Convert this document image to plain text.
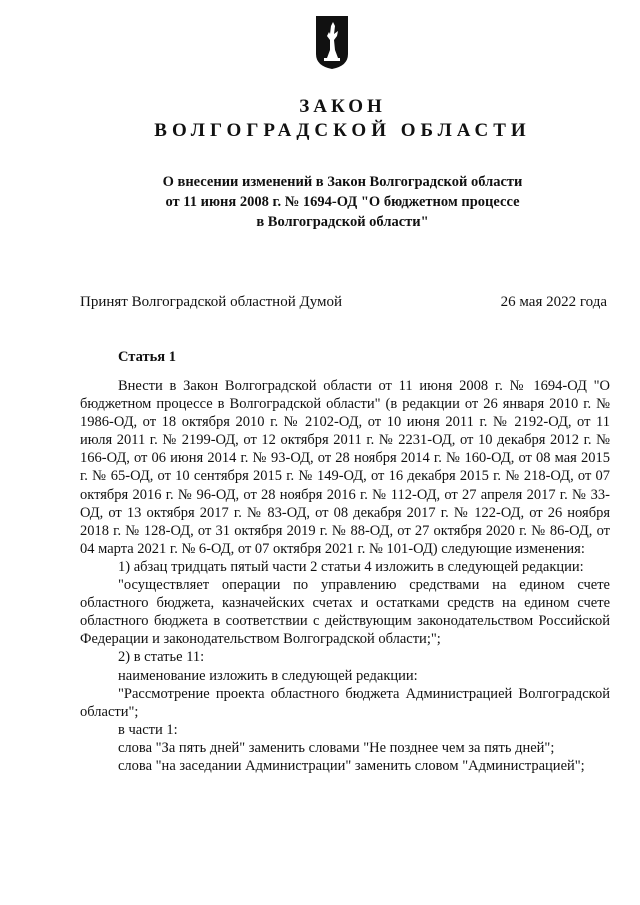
ЗАКОН
ВОЛГОГРАДСКОЙ ОБЛАСТИ
О внесении изменений в Закон Волгоградской области
от 11 июня 2008 г. № 1694-ОД "О бюджетном процессе
в Волгоградской области"
Принят Волгоградской областной Думой	26 мая 2022 года
Статья 1

Внести в Закон Волгоградской области от 11 июня 2008 г. № 1694-ОД "О бюджетном процессе в Волгоградской области" (в редакции от 26 января 2010 г. № 1986-ОД, от 18 октября 2010 г. № 2102-ОД, от 10 июня 2011 г. № 2192-ОД, от 11 июля 2011 г. № 2199-ОД, от 12 октября 2011 г. № 2231-ОД, от 10 декабря 2012 г. № 166-ОД, от 06 июня 2014 г. № 93-ОД, от 28 ноября 2014 г. № 160-ОД, от 08 мая 2015 г. № 65-ОД, от 10 сентября 2015 г. № 149-ОД, от 16 декабря 2015 г. № 218-ОД, от 07 октября 2016 г. № 96-ОД, от 28 ноября 2016 г. № 112-ОД, от 27 апреля 2017 г. № 33-ОД, от 13 октября 2017 г. № 83-ОД, от 08 декабря 2017 г. № 122-ОД, от 26 ноября 2018 г. № 128-ОД, от 31 октября 2019 г. № 88-ОД, от 27 октября 2020 г. № 86-ОД, от 04 марта 2021 г. № 6-ОД, от 07 октября 2021 г. № 101-ОД) следующие изменения:

1) абзац тридцать пятый части 2 статьи 4 изложить в следующей редакции:

"осуществляет операции по управлению средствами на едином счете областного бюджета, казначейских счетах и остатками средств на едином счете областного бюджета в соответствии с действующим законодательством Российской Федерации и законодательством Волгоградской области;";

2) в статье 11:

наименование изложить в следующей редакции:

"Рассмотрение проекта областного бюджета Администрацией Волгоградской области";

в части 1:

слова "За пять дней" заменить словами "Не позднее чем за пять дней";

слова "на заседании Администрации" заменить словом "Администрацией";
